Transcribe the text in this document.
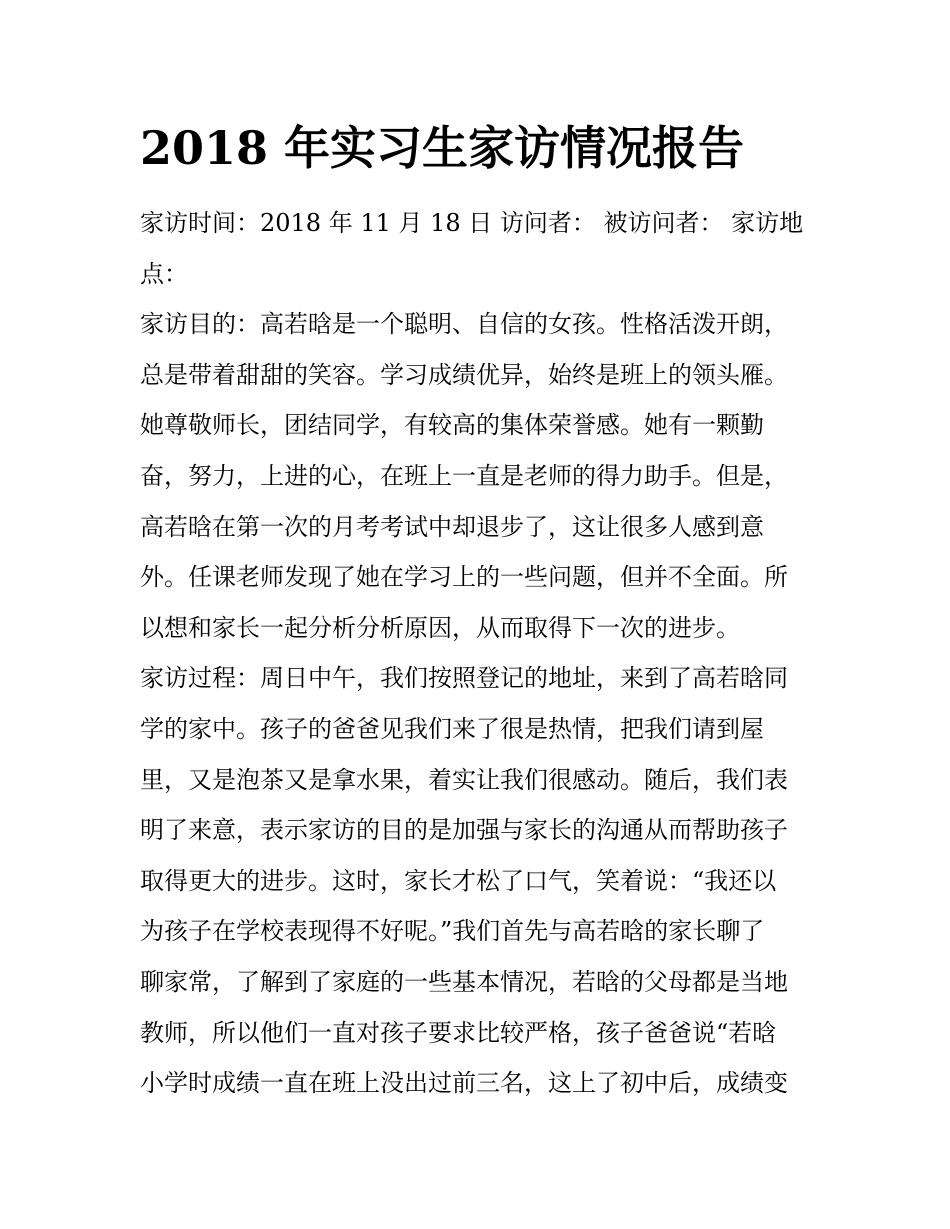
2018 年实习生家访情况报告
家访时间：2018 年 11 月 18 日 访问者： 被访问者： 家访地
点：
家访目的：高若晗是一个聪明、自信的女孩。性格活泼开朗，
总是带着甜甜的笑容。学习成绩优异，始终是班上的领头雁。
她尊敬师长，团结同学，有较高的集体荣誉感。她有一颗勤
奋，努力，上进的心，在班上一直是老师的得力助手。但是，
高若晗在第一次的月考考试中却退步了，这让很多人感到意
外。任课老师发现了她在学习上的一些问题，但并不全面。所
以想和家长一起分析分析原因，从而取得下一次的进步。
家访过程：周日中午，我们按照登记的地址，来到了高若晗同
学的家中。孩子的爸爸见我们来了很是热情，把我们请到屋
里，又是泡茶又是拿水果，着实让我们很感动。随后，我们表
明了来意，表示家访的目的是加强与家长的沟通从而帮助孩子
取得更大的进步。这时，家长才松了口气，笑着说：“我还以
为孩子在学校表现得不好呢。”我们首先与高若晗的家长聊了
聊家常，了解到了家庭的一些基本情况，若晗的父母都是当地
教师，所以他们一直对孩子要求比较严格，孩子爸爸说“若晗
小学时成绩一直在班上没出过前三名，这上了初中后，成绩变
